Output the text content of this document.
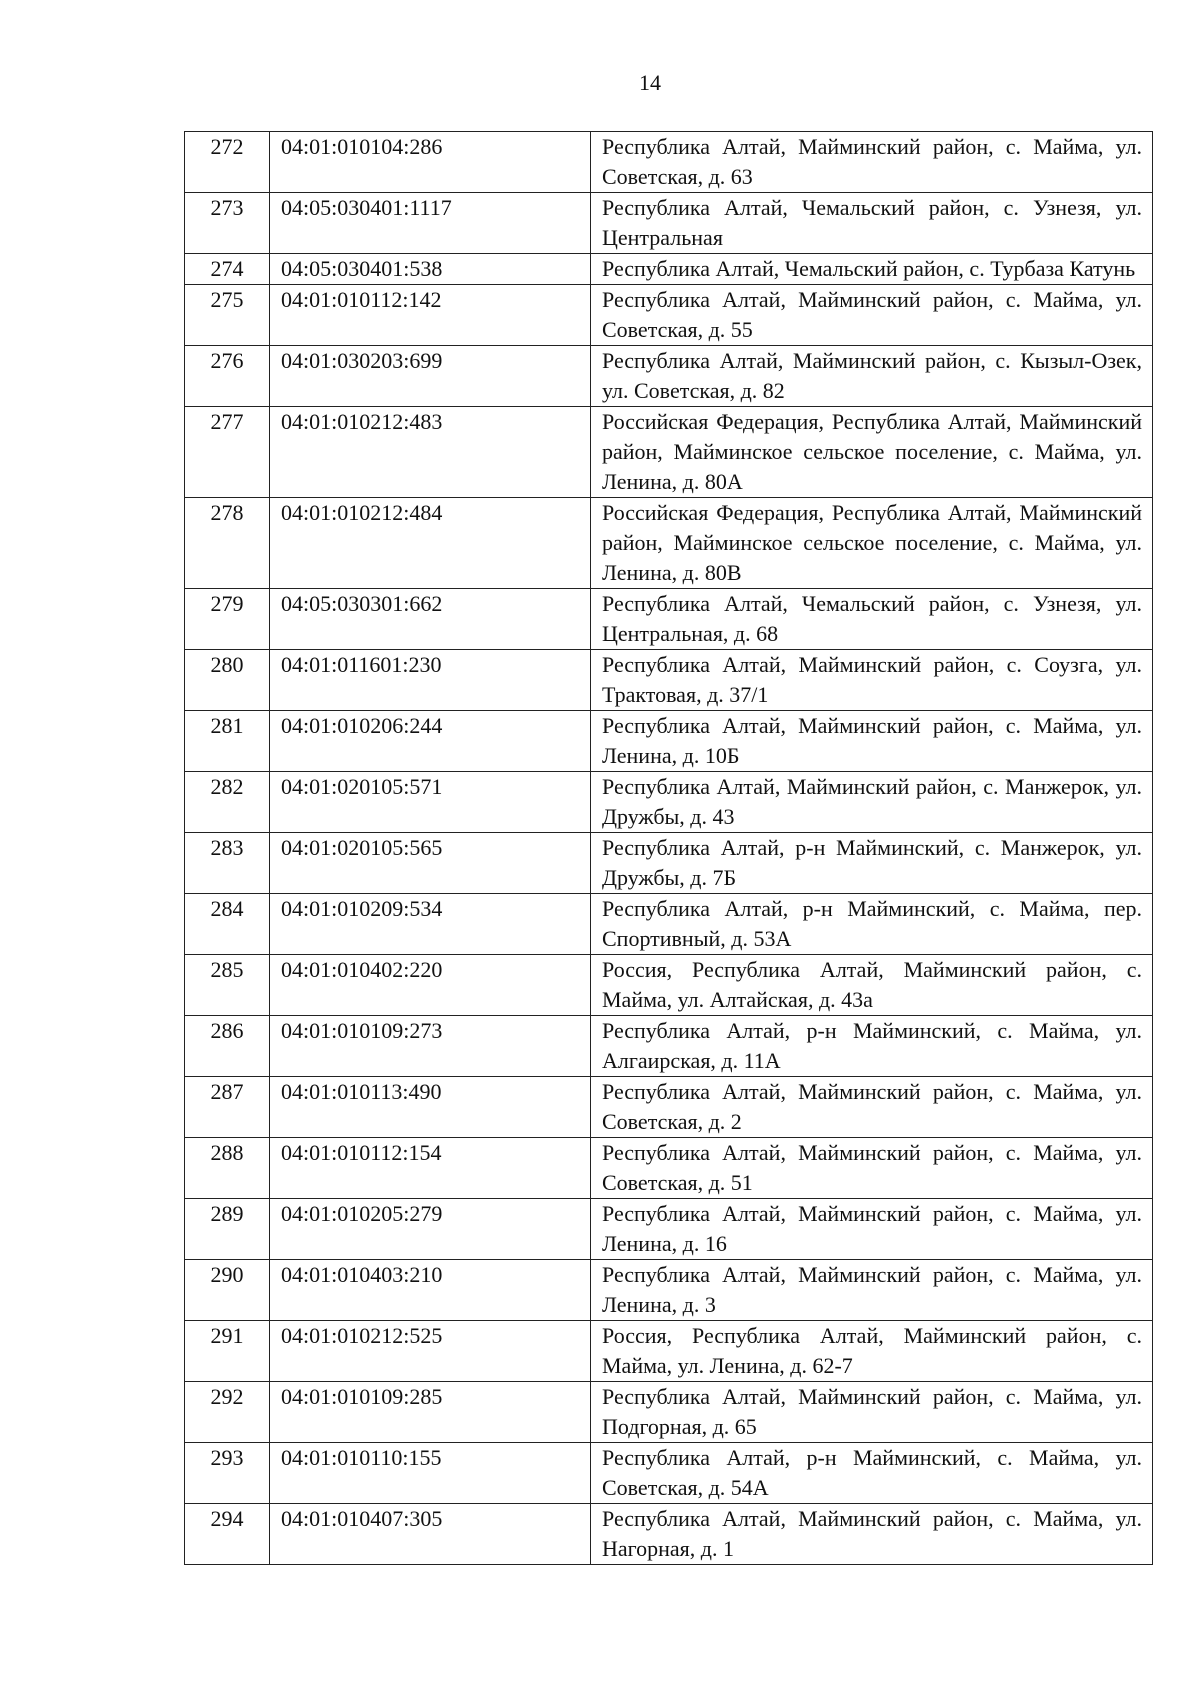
14
272	04:01:010104:286	Республика Алтай, Майминский район, с. Майма, ул. Советская, д. 63
273	04:05:030401:1117	Республика Алтай, Чемальский район, с. Узнезя, ул. Центральная
274	04:05:030401:538	Республика Алтай, Чемальский район, с. Турбаза Катунь
275	04:01:010112:142	Республика Алтай, Майминский район, с. Майма, ул. Советская, д. 55
276	04:01:030203:699	Республика Алтай, Майминский район, с. Кызыл-Озек, ул. Советская, д. 82
277	04:01:010212:483	Российская Федерация, Республика Алтай, Майминский район, Майминское сельское поселение, с. Майма, ул. Ленина, д. 80А
278	04:01:010212:484	Российская Федерация, Республика Алтай, Майминский район, Майминское сельское поселение, с. Майма, ул. Ленина, д. 80В
279	04:05:030301:662	Республика Алтай, Чемальский район, с. Узнезя, ул. Центральная, д. 68
280	04:01:011601:230	Республика Алтай, Майминский район, с. Соузга, ул. Трактовая, д. 37/1
281	04:01:010206:244	Республика Алтай, Майминский район, с. Майма, ул. Ленина, д. 10Б
282	04:01:020105:571	Республика Алтай, Майминский район, с. Манжерок, ул. Дружбы, д. 43
283	04:01:020105:565	Республика Алтай, р-н Майминский, с. Манжерок, ул. Дружбы, д. 7Б
284	04:01:010209:534	Республика Алтай, р-н Майминский, с. Майма, пер. Спортивный, д. 53А
285	04:01:010402:220	Россия, Республика Алтай, Майминский район, с. Майма, ул. Алтайская, д. 43а
286	04:01:010109:273	Республика Алтай, р-н Майминский, с. Майма, ул. Алгаирская, д. 11А
287	04:01:010113:490	Республика Алтай, Майминский район, с. Майма, ул. Советская, д. 2
288	04:01:010112:154	Республика Алтай, Майминский район, с. Майма, ул. Советская, д. 51
289	04:01:010205:279	Республика Алтай, Майминский район, с. Майма, ул. Ленина, д. 16
290	04:01:010403:210	Республика Алтай, Майминский район, с. Майма, ул. Ленина, д. 3
291	04:01:010212:525	Россия, Республика Алтай, Майминский район, с. Майма, ул. Ленина, д. 62-7
292	04:01:010109:285	Республика Алтай, Майминский район, с. Майма, ул. Подгорная, д. 65
293	04:01:010110:155	Республика Алтай, р-н Майминский, с. Майма, ул. Советская, д. 54А
294	04:01:010407:305	Республика Алтай, Майминский район, с. Майма, ул. Нагорная, д. 1
